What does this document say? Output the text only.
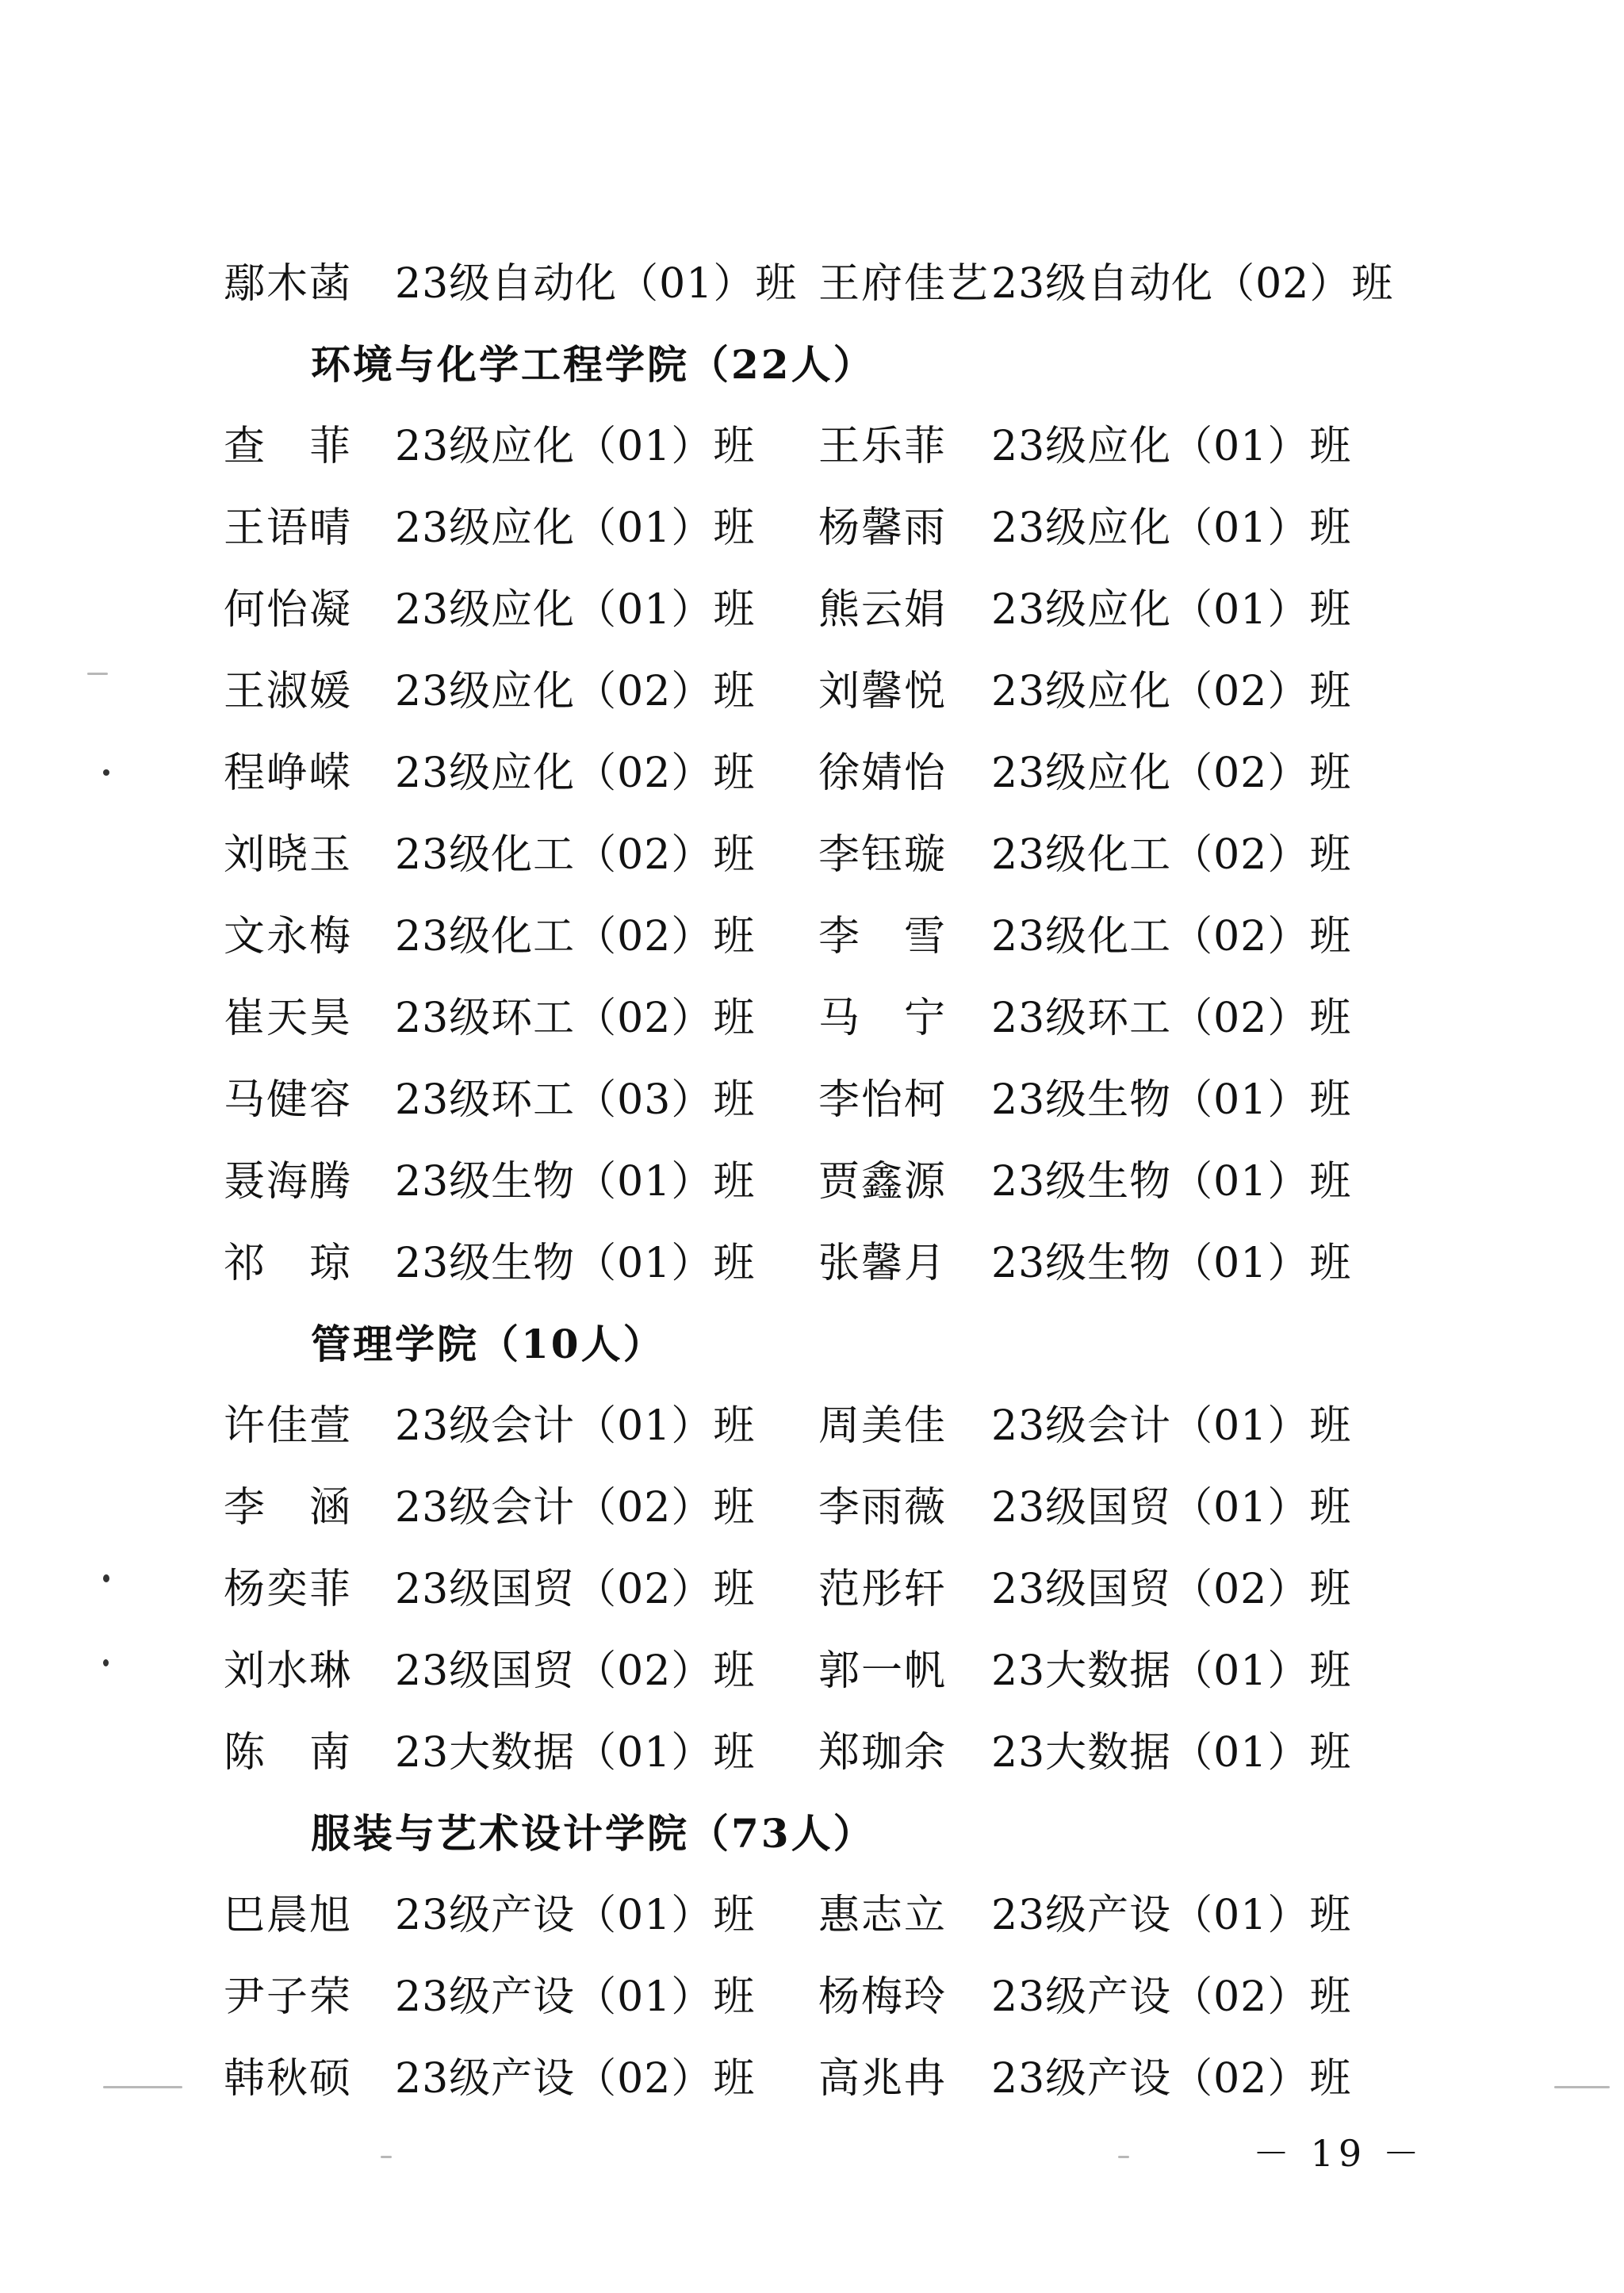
鄢木菡 23级自动化（01）班 王府佳艺 23级自动化（02）班
环境与化学工程学院（22人）
查　菲 23级应化（01）班 王乐菲 23级应化（01）班
王语晴 23级应化（01）班 杨馨雨 23级应化（01）班
何怡凝 23级应化（01）班 熊云娟 23级应化（01）班
王淑媛 23级应化（02）班 刘馨悦 23级应化（02）班
程峥嵘 23级应化（02）班 徐婧怡 23级应化（02）班
刘晓玉 23级化工（02）班 李钰璇 23级化工（02）班
文永梅 23级化工（02）班 李　雪 23级化工（02）班
崔天昊 23级环工（02）班 马　宁 23级环工（02）班
马健容 23级环工（03）班 李怡柯 23级生物（01）班
聂海腾 23级生物（01）班 贾鑫源 23级生物（01）班
祁　琼 23级生物（01）班 张馨月 23级生物（01）班
管理学院（10人）
许佳萱 23级会计（01）班 周美佳 23级会计（01）班
李　涵 23级会计（02）班 李雨薇 23级国贸（01）班
杨奕菲 23级国贸（02）班 范彤轩 23级国贸（02）班
刘水琳 23级国贸（02）班 郭一帆 23大数据（01）班
陈　南 23大数据（01）班 郑珈余 23大数据（01）班
服装与艺术设计学院（73人）
巴晨旭 23级产设（01）班 惠志立 23级产设（01）班
尹子荣 23级产设（01）班 杨梅玲 23级产设（02）班
韩秋硕 23级产设（02）班 高兆冉 23级产设（02）班
－ 19 －
